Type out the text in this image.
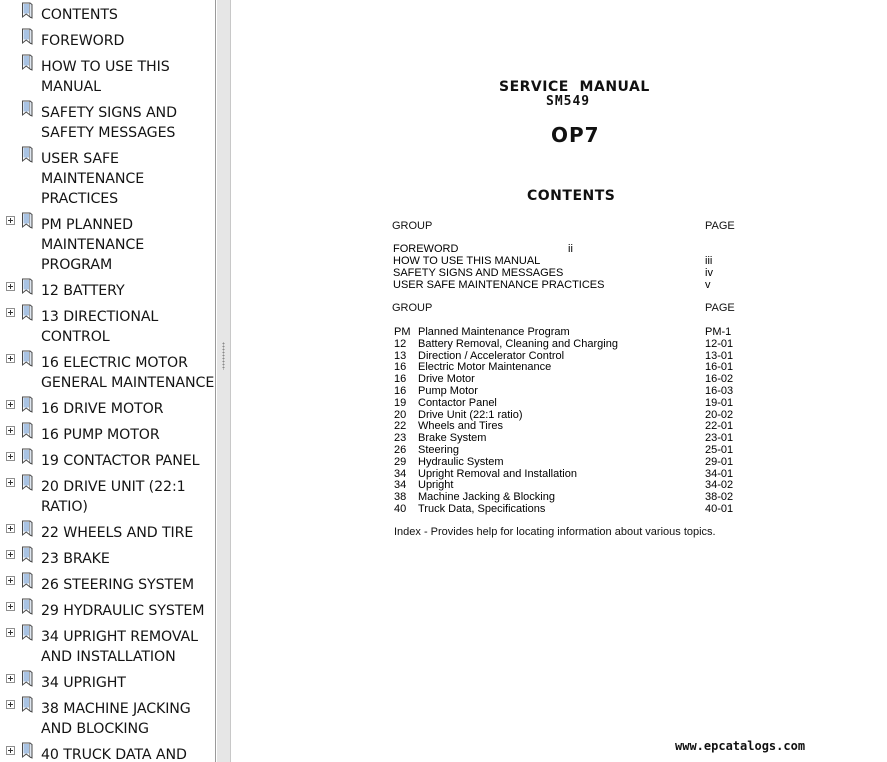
CONTENTS
FOREWORD
HOW TO USE THIS MANUAL
SAFETY SIGNS AND SAFETY MESSAGES
USER SAFE MAINTENANCE PRACTICES
PM PLANNED MAINTENANCE PROGRAM
12 BATTERY
13 DIRECTIONAL CONTROL
16 ELECTRIC MOTOR GENERAL MAINTENANCE
16 DRIVE MOTOR
16 PUMP MOTOR
19 CONTACTOR PANEL
20 DRIVE UNIT (22:1 RATIO)
22 WHEELS AND TIRE
23 BRAKE
26 STEERING SYSTEM
29 HYDRAULIC SYSTEM
34 UPRIGHT REMOVAL AND INSTALLATION
34 UPRIGHT
38 MACHINE JACKING AND BLOCKING
40 TRUCK DATA AND
SERVICE  MANUAL
SM549
OP7
CONTENTS
GROUP	PAGE
FOREWORD	ii
HOW TO USE THIS MANUAL	iii
SAFETY SIGNS AND MESSAGES	iv
USER SAFE MAINTENANCE PRACTICES	v
GROUP	PAGE
PM Planned Maintenance Program	PM-1
12 Battery Removal, Cleaning and Charging	12-01
13 Direction / Accelerator Control	13-01
16 Electric Motor Maintenance	16-01
16 Drive Motor	16-02
16 Pump Motor	16-03
19 Contactor Panel	19-01
20 Drive Unit (22:1 ratio)	20-02
22 Wheels and Tires	22-01
23 Brake System	23-01
26 Steering	25-01
29 Hydraulic System	29-01
34 Upright Removal and Installation	34-01
34 Upright	34-02
38 Machine Jacking & Blocking	38-02
40 Truck Data, Specifications	40-01
Index - Provides help for locating information about various topics.
www.epcatalogs.com
